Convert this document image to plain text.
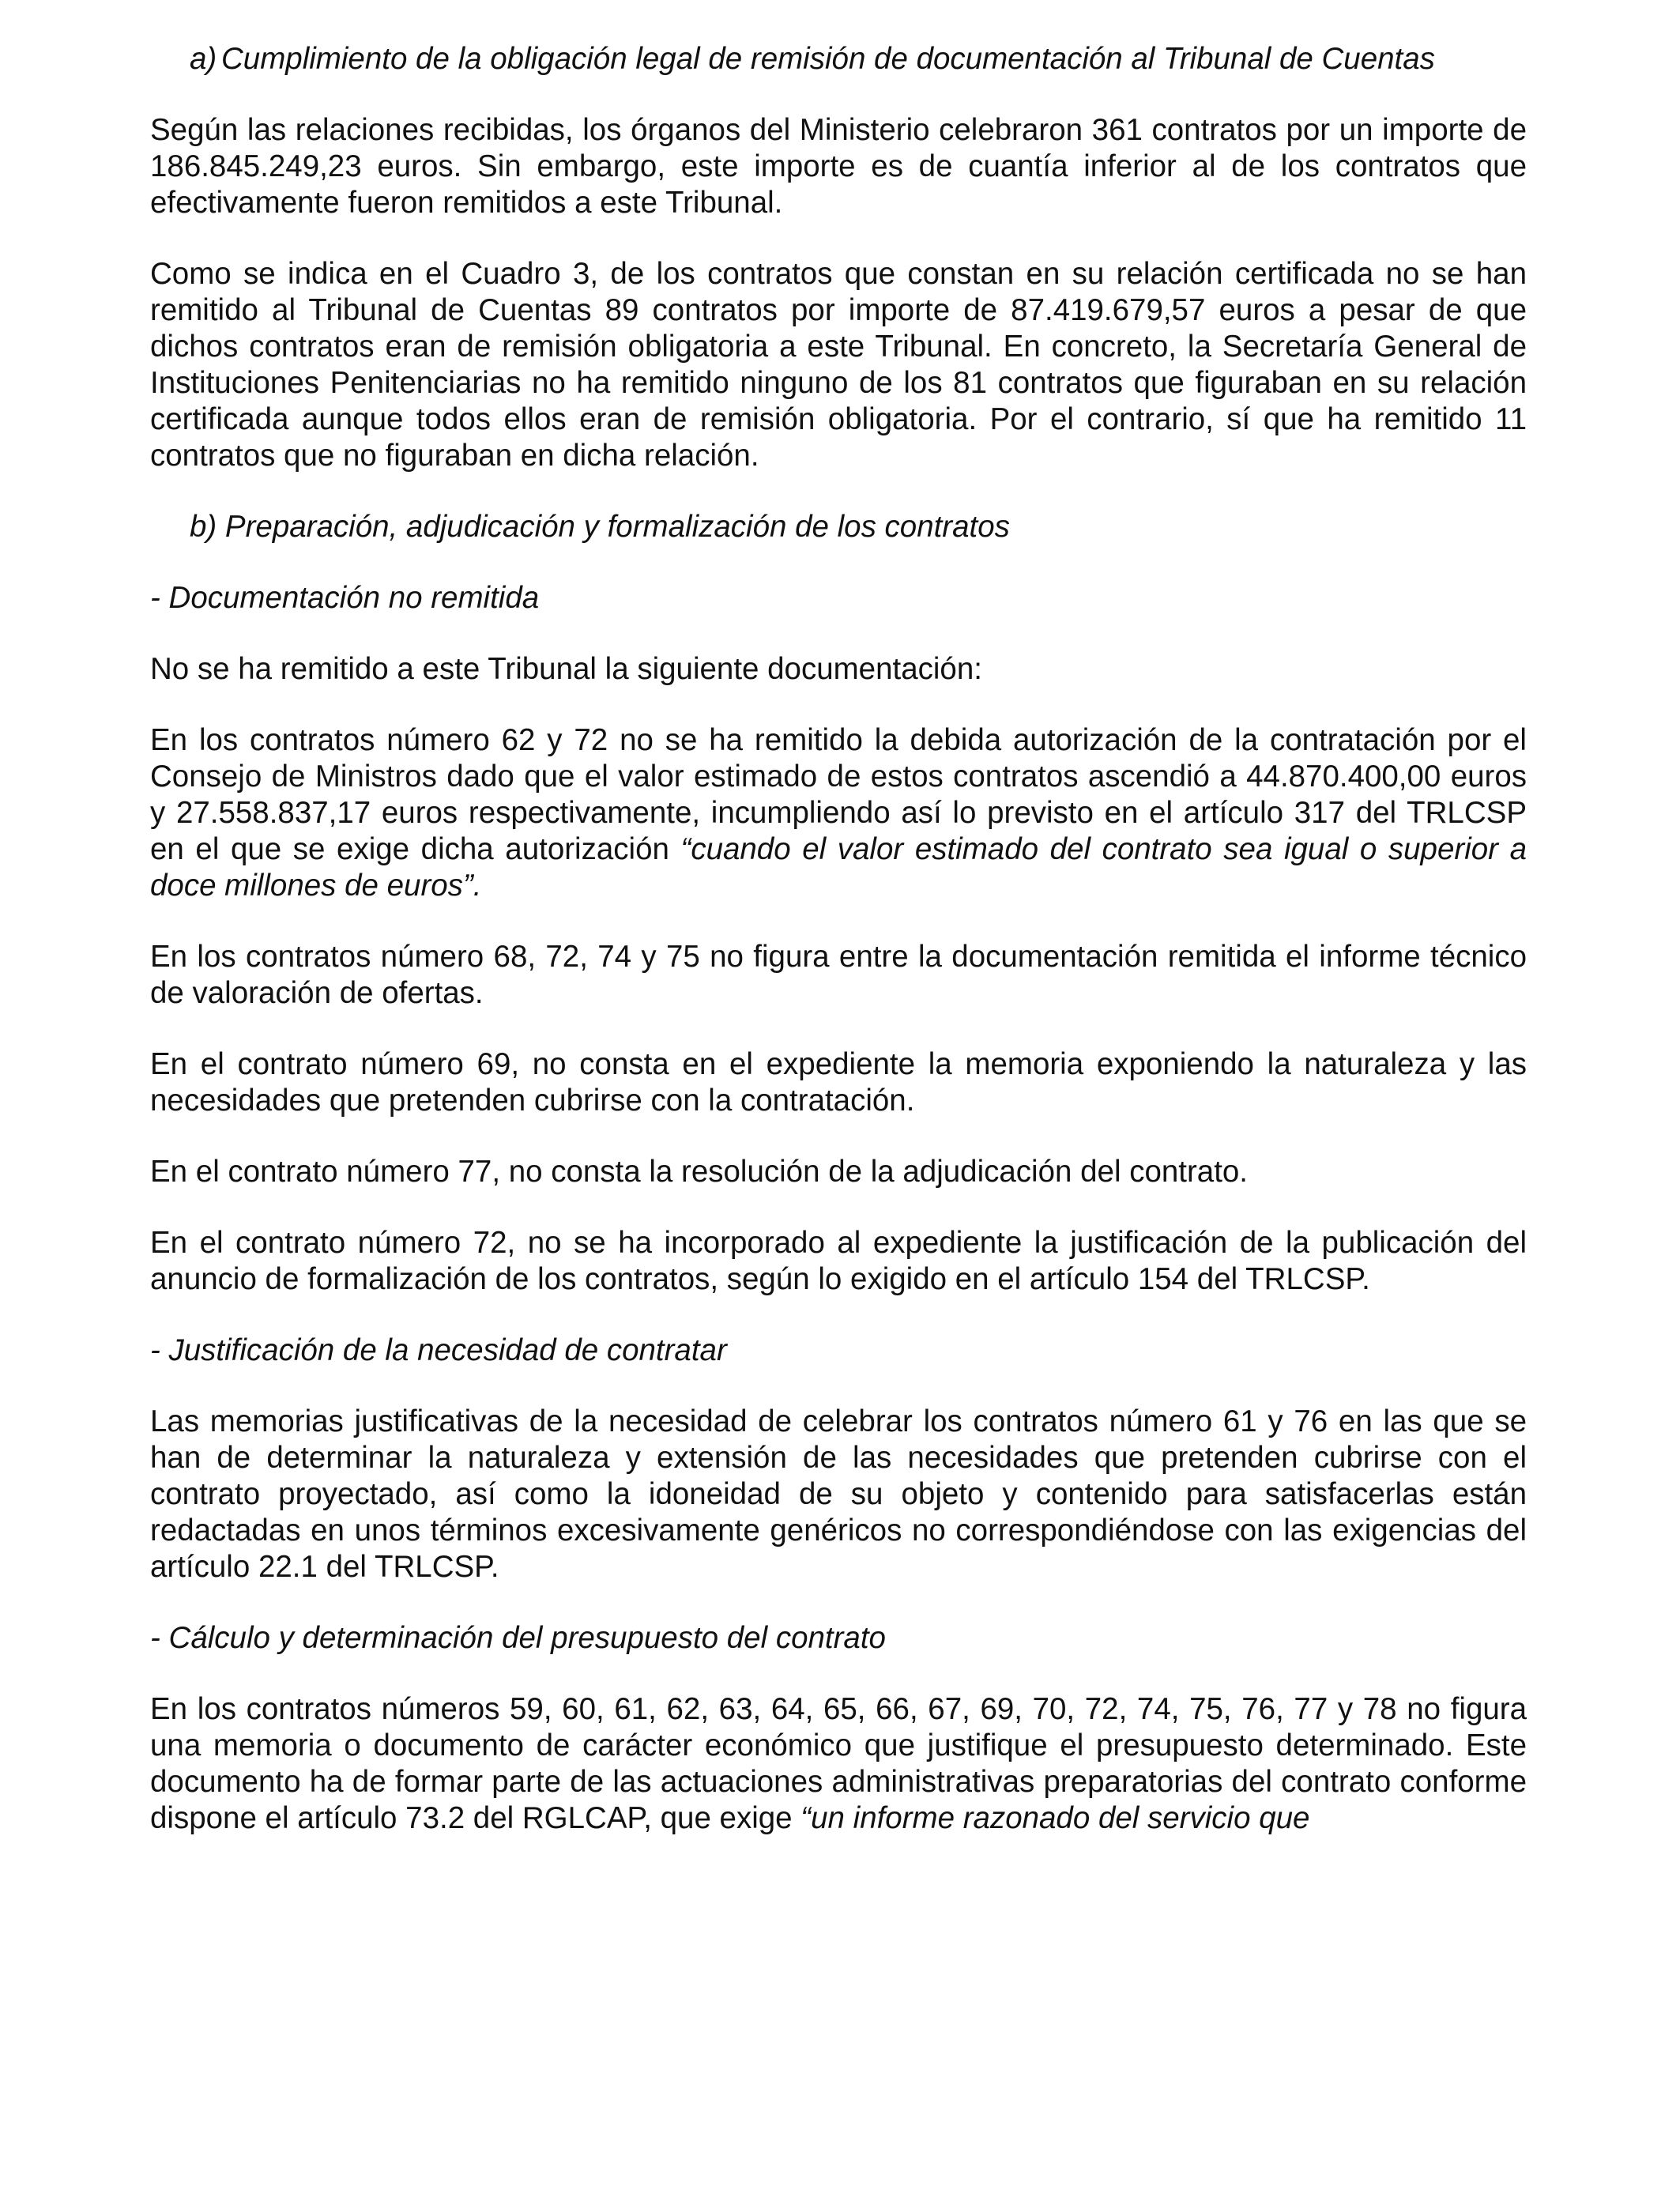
a) Cumplimiento de la obligación legal de remisión de documentación al Tribunal de Cuentas

Según las relaciones recibidas, los órganos del Ministerio celebraron 361 contratos por un importe de 186.845.249,23 euros. Sin embargo, este importe es de cuantía inferior al de los contratos que efectivamente fueron remitidos a este Tribunal.

Como se indica en el Cuadro 3, de los contratos que constan en su relación certificada no se han remitido al Tribunal de Cuentas 89 contratos por importe de 87.419.679,57 euros a pesar de que dichos contratos eran de remisión obligatoria a este Tribunal. En concreto, la Secretaría General de Instituciones Penitenciarias no ha remitido ninguno de los 81 contratos que figuraban en su relación certificada aunque todos ellos eran de remisión obligatoria. Por el contrario, sí que ha remitido 11 contratos que no figuraban en dicha relación.

b) Preparación, adjudicación y formalización de los contratos
- Documentación no remitida

No se ha remitido a este Tribunal la siguiente documentación:

En los contratos número 62 y 72 no se ha remitido la debida autorización de la contratación por el Consejo de Ministros dado que el valor estimado de estos contratos ascendió a 44.870.400,00 euros y 27.558.837,17 euros respectivamente, incumpliendo así lo previsto en el artículo 317 del TRLCSP en el que se exige dicha autorización “cuando el valor estimado del contrato sea igual o superior a doce millones de euros”.

En los contratos número 68, 72, 74 y 75 no figura entre la documentación remitida el informe técnico de valoración de ofertas.

En el contrato número 69, no consta en el expediente la memoria exponiendo la naturaleza y las necesidades que pretenden cubrirse con la contratación.

En el contrato número 77, no consta la resolución de la adjudicación del contrato.

En el contrato número 72, no se ha incorporado al expediente la justificación de la publicación del anuncio de formalización de los contratos, según lo exigido en el artículo 154 del TRLCSP.

- Justificación de la necesidad de contratar

Las memorias justificativas de la necesidad de celebrar los contratos número 61 y 76 en las que se han de determinar la naturaleza y extensión de las necesidades que pretenden cubrirse con el contrato proyectado, así como la idoneidad de su objeto y contenido para satisfacerlas están redactadas en unos términos excesivamente genéricos no correspondiéndose con las exigencias del artículo 22.1 del TRLCSP.

- Cálculo y determinación del presupuesto del contrato

En los contratos números 59, 60, 61, 62, 63, 64, 65, 66, 67, 69, 70, 72, 74, 75, 76, 77 y 78 no figura una memoria o documento de carácter económico que justifique el presupuesto determinado. Este documento ha de formar parte de las actuaciones administrativas preparatorias del contrato conforme dispone el artículo 73.2 del RGLCAP, que exige “un informe razonado del servicio que
